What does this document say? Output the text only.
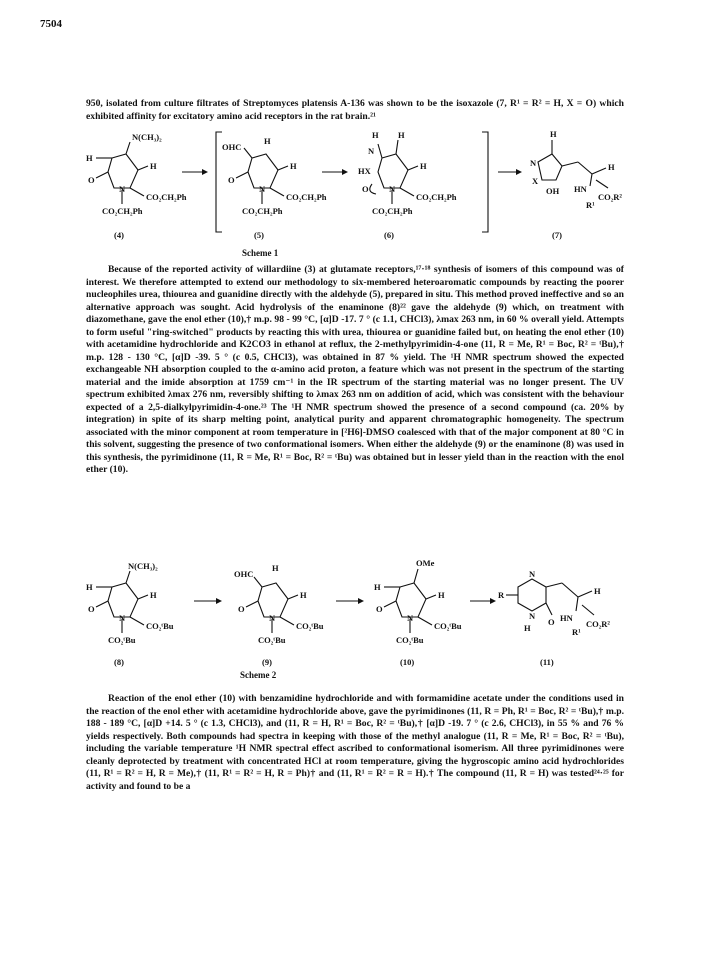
7504

950, isolated from culture filtrates of Streptomyces platensis A-136 was shown to be the isoxazole (7, R¹ = R² = H, X = O) which exhibited affinity for excitatory amino acid receptors in the rat brain.²¹

N(CH₃)₂
H
H
O
N
CO₂CH₂Ph
CO₂CH₂Ph
(4)
OHC
H
H
O
N
CO₂CH₂Ph
CO₂CH₂Ph
(5)
H H
N
HX	H
O N
CO₂CH₂Ph
CO₂CH₂Ph
(6)
H
N
X
OH HN
H
R¹
CO₂R²
(7)
Scheme 1

Because of the reported activity of willardiine (3) at glutamate receptors,¹⁷·¹⁸ synthesis of isomers of this compound was of interest. We therefore attempted to extend our methodology to six-membered heteroaromatic compounds by reacting the poorer nucleophiles urea, thiourea and guanidine directly with the aldehyde (5), prepared in situ. This method proved ineffective and so an alternative approach was sought. Acid hydrolysis of the enaminone (8)²² gave the aldehyde (9) which, on treatment with diazomethane, gave the enol ether (10),† m.p. 98 - 99 °C, [α]D -17. 7 ° (c 1.1, CHCl3), λmax 263 nm, in 60 % overall yield. Attempts to form useful "ring-switched" products by reacting this with urea, thiourea or guanidine failed but, on heating the enol ether (10) with acetamidine hydrochloride and K2CO3 in ethanol at reflux, the 2-methylpyrimidin-4-one (11, R = Me, R¹ = Boc, R² = ᵗBu),† m.p. 128 - 130 °C, [α]D -39. 5 ° (c 0.5, CHCl3), was obtained in 87 % yield. The ¹H NMR spectrum showed the expected exchangeable NH absorption coupled to the α-amino acid proton, a feature which was not present in the spectrum of the starting material and the imide absorption at 1759 cm⁻¹ in the IR spectrum of the starting material was no longer present. The UV spectrum exhibited λmax 276 nm, reversibly shifting to λmax 263 nm on addition of acid, which was consistent with the behaviour expected of a 2,5-dialkylpyrimidin-4-one.²³ The ¹H NMR spectrum showed the presence of a second compound (ca. 20% by integration) in spite of its sharp melting point, analytical purity and apparent chromatographic homogeneity. The spectrum associated with the minor component at room temperature in [²H6]-DMSO coalesced with that of the major component at 80 °C in this solvent, suggesting the presence of two conformational isomers. When either the aldehyde (9) or the enaminone (8) was used in this synthesis, the pyrimidinone (11, R = Me, R¹ = Boc, R² = ᵗBu) was obtained but in lesser yield than in the reaction with the enol ether (10).

N(CH₃)₂
H
H
O
N
CO₂ᵗBu
CO₂ᵗBu
(8)
OHC
H
H
O
N
CO₂ᵗBu
CO₂ᵗBu
(9)
OMe
H
H
O
N
CO₂ᵗBu
CO₂ᵗBu
(10)
R
N
N
H
O HN
H
R¹
CO₂R²
(11)
Scheme 2

Reaction of the enol ether (10) with benzamidine hydrochloride and with formamidine acetate under the conditions used in the reaction of the enol ether with acetamidine hydrochloride above, gave the pyrimidinones (11, R = Ph, R¹ = Boc, R² = ᵗBu),† m.p. 188 - 189 °C, [α]D +14. 5 ° (c 1.3, CHCl3), and (11, R = H, R¹ = Boc, R² = ᵗBu),† [α]D -19. 7 ° (c 2.6, CHCl3), in 55 % and 76 % yields respectively. Both compounds had spectra in keeping with those of the methyl analogue (11, R = Me, R¹ = Boc, R² = ᵗBu), including the variable temperature ¹H NMR spectral effect ascribed to conformational isomerism. All three pyrimidinones were cleanly deprotected by treatment with concentrated HCl at room temperature, giving the hygroscopic amino acid hydrochlorides (11, R¹ = R² = H, R = Me),† (11, R¹ = R² = H, R = Ph)† and (11, R¹ = R² = R = H).† The compound (11, R = H) was tested²⁴·²⁵ for activity and found to be a
